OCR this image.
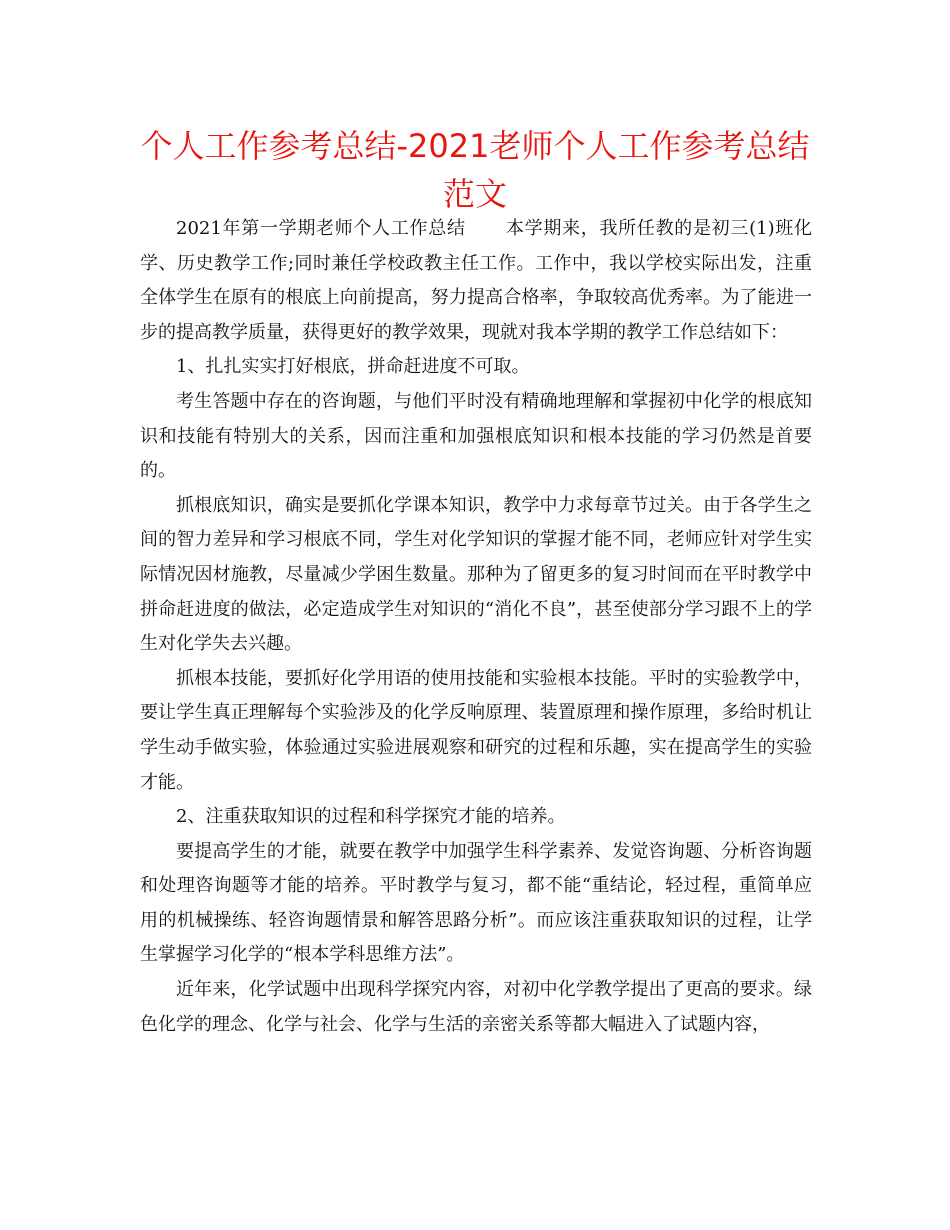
个人工作参考总结-2021老师个人工作参考总结范文

2021年第一学期老师个人工作总结 本学期来，我所任教的是初三(1)班化学、历史教学工作;同时兼任学校政教主任工作。工作中，我以学校实际出发，注重全体学生在原有的根底上向前提高，努力提高合格率，争取较高优秀率。为了能进一步的提高教学质量，获得更好的教学效果，现就对我本学期的教学工作总结如下：

1、扎扎实实打好根底，拼命赶进度不可取。

考生答题中存在的咨询题，与他们平时没有精确地理解和掌握初中化学的根底知识和技能有特别大的关系，因而注重和加强根底知识和根本技能的学习仍然是首要的。

抓根底知识，确实是要抓化学课本知识，教学中力求每章节过关。由于各学生之间的智力差异和学习根底不同，学生对化学知识的掌握才能不同，老师应针对学生实际情况因材施教，尽量减少学困生数量。那种为了留更多的复习时间而在平时教学中拼命赶进度的做法，必定造成学生对知识的“消化不良”，甚至使部分学习跟不上的学生对化学失去兴趣。

抓根本技能，要抓好化学用语的使用技能和实验根本技能。平时的实验教学中，要让学生真正理解每个实验涉及的化学反响原理、装置原理和操作原理，多给时机让学生动手做实验，体验通过实验进展观察和研究的过程和乐趣，实在提高学生的实验才能。

2、注重获取知识的过程和科学探究才能的培养。

要提高学生的才能，就要在教学中加强学生科学素养、发觉咨询题、分析咨询题和处理咨询题等才能的培养。平时教学与复习，都不能“重结论，轻过程，重简单应用的机械操练、轻咨询题情景和解答思路分析”。而应该注重获取知识的过程，让学生掌握学习化学的“根本学科思维方法”。

近年来，化学试题中出现科学探究内容，对初中化学教学提出了更高的要求。绿色化学的理念、化学与社会、化学与生活的亲密关系等都大幅进入了试题内容，
